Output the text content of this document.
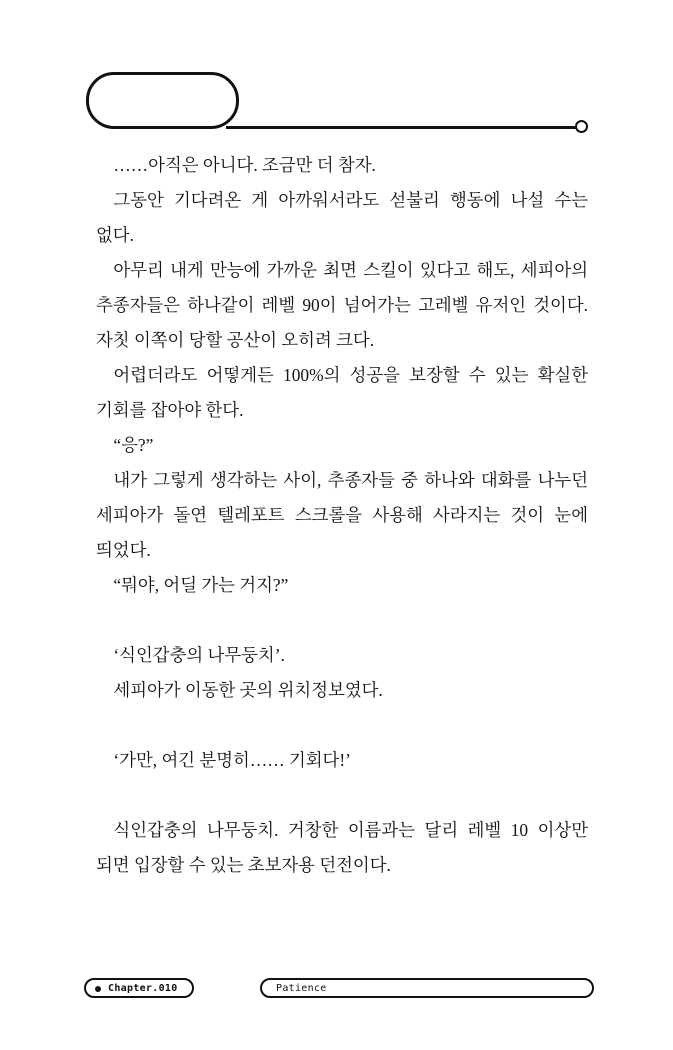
……아직은 아니다. 조금만 더 참자.

그동안 기다려온 게 아까워서라도 섣불리 행동에 나설 수는 없다.

아무리 내게 만능에 가까운 최면 스킬이 있다고 해도, 세피아의 추종자들은 하나같이 레벨 90이 넘어가는 고레벨 유저인 것이다. 자칫 이쪽이 당할 공산이 오히려 크다.

어렵더라도 어떻게든 100%의 성공을 보장할 수 있는 확실한 기회를 잡아야 한다.

“응?”

내가 그렇게 생각하는 사이, 추종자들 중 하나와 대화를 나누던 세피아가 돌연 텔레포트 스크롤을 사용해 사라지는 것이 눈에 띄었다.

“뭐야, 어딜 가는 거지?”

‘식인갑충의 나무둥치’.

세피아가 이동한 곳의 위치정보였다.

‘가만, 여긴 분명히…… 기회다!’

식인갑충의 나무둥치. 거창한 이름과는 달리 레벨 10 이상만 되면 입장할 수 있는 초보자용 던전이다.

Chapter.010	Patience
